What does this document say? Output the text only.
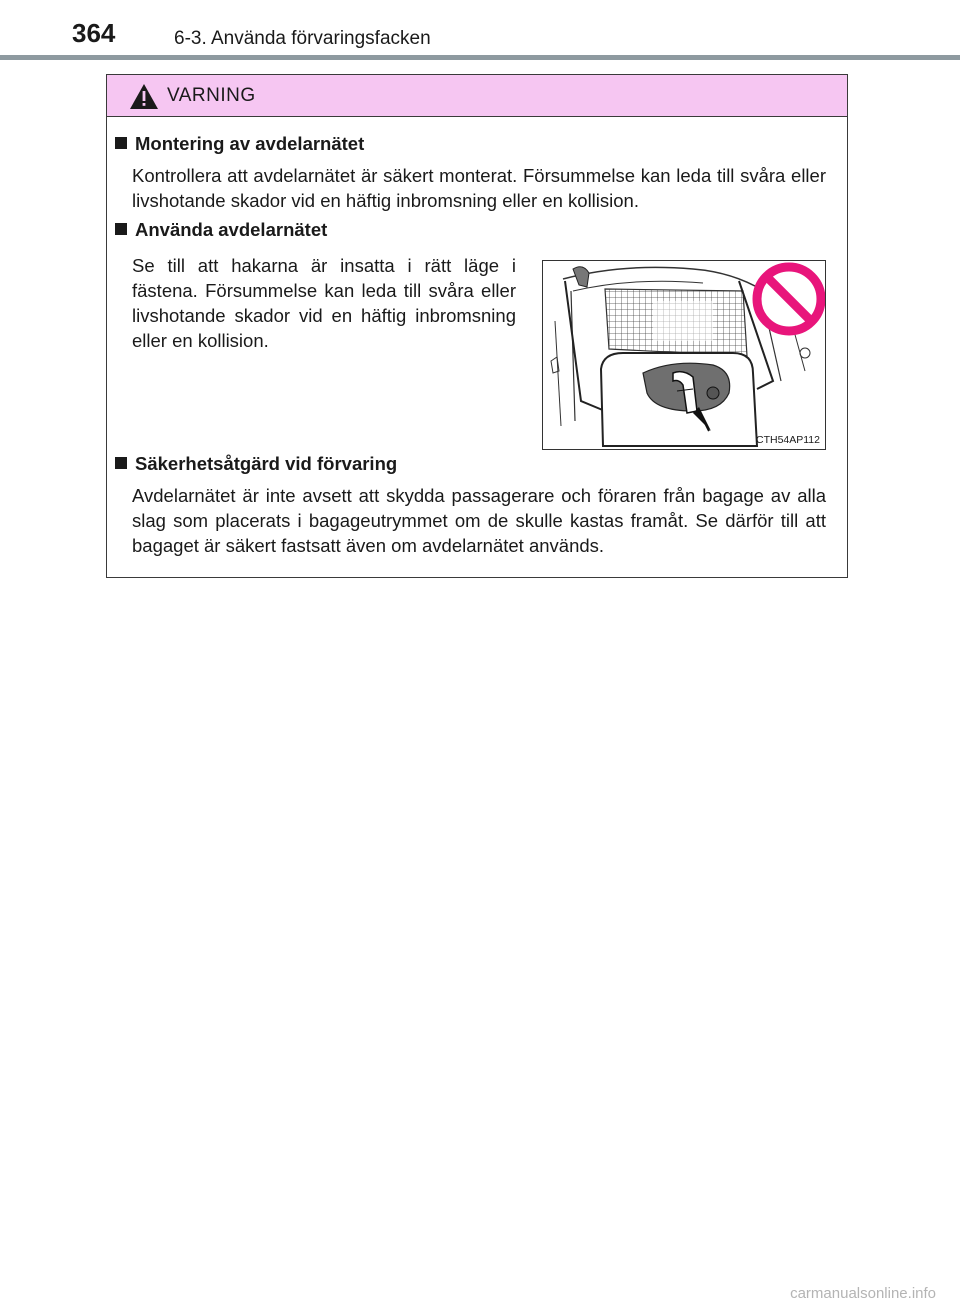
364	6-3. Använda förvaringsfacken
VARNING
Montering av avdelarnätet
Kontrollera att avdelarnätet är säkert monterat. Försummelse kan leda till svåra eller livshotande skador vid en häftig inbromsning eller en kollision.
Använda avdelarnätet
Se till att hakarna är insatta i rätt läge i fästena. Försummelse kan leda till svåra eller livshotande skador vid en häftig inbromsning eller en kollision.
CTH54AP112
Säkerhetsåtgärd vid förvaring
Avdelarnätet är inte avsett att skydda passagerare och föraren från bagage av alla slag som placerats i bagageutrymmet om de skulle kastas framåt. Se därför till att bagaget är säkert fastsatt även om avdelarnätet används.
carmanualsonline.info
